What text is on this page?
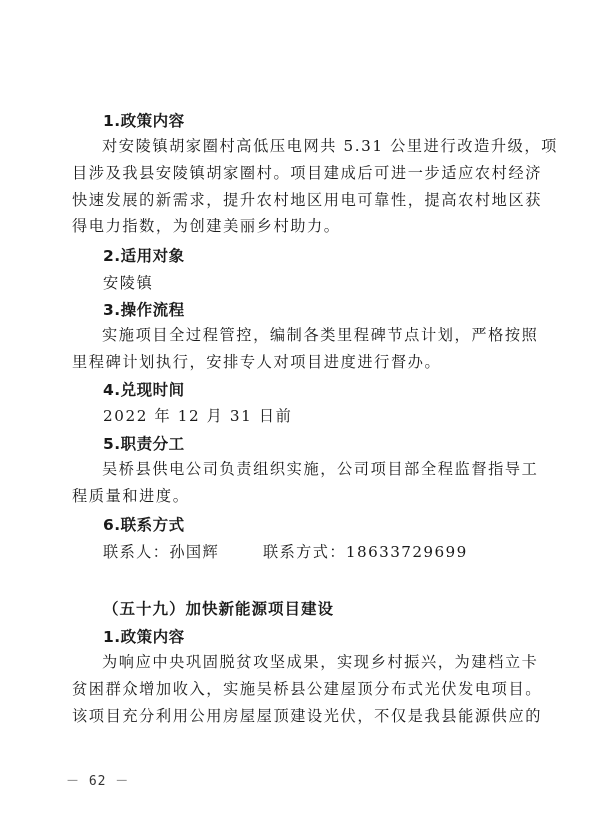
1.政策内容
对安陵镇胡家圈村高低压电网共 5.31 公里进行改造升级，项
目涉及我县安陵镇胡家圈村。项目建成后可进一步适应农村经济
快速发展的新需求，提升农村地区用电可靠性，提高农村地区获
得电力指数，为创建美丽乡村助力。
2.适用对象
安陵镇
3.操作流程
实施项目全过程管控，编制各类里程碑节点计划，严格按照
里程碑计划执行，安排专人对项目进度进行督办。
4.兑现时间
2022 年 12 月 31 日前
5.职责分工
吴桥县供电公司负责组织实施，公司项目部全程监督指导工
程质量和进度。
6.联系方式
联系人：孙国辉	联系方式：18633729699
（五十九）加快新能源项目建设
1.政策内容
为响应中央巩固脱贫攻坚成果，实现乡村振兴，为建档立卡
贫困群众增加收入，实施吴桥县公建屋顶分布式光伏发电项目。
该项目充分利用公用房屋屋顶建设光伏，不仅是我县能源供应的
－ 62 －
